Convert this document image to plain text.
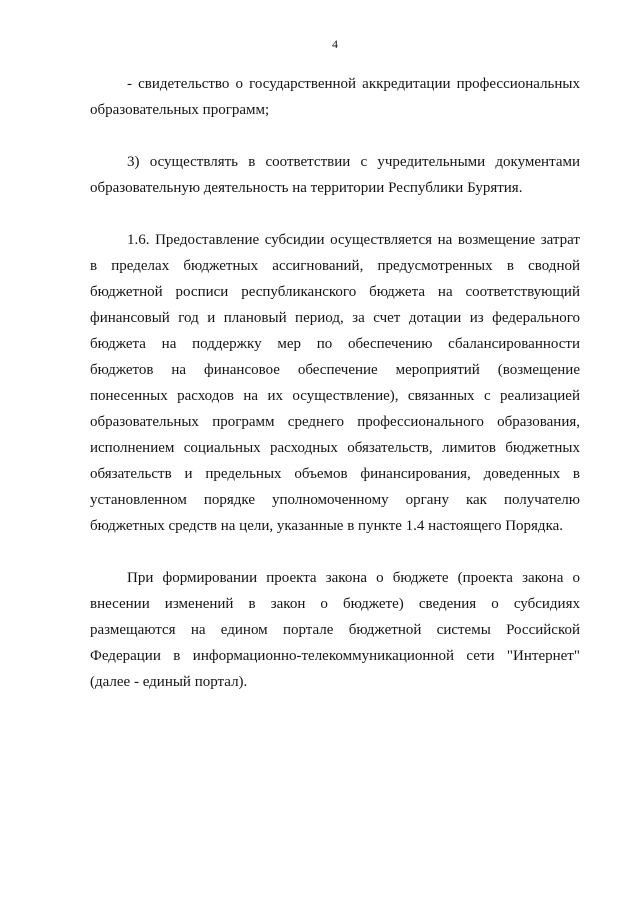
4
- свидетельство о государственной аккредитации профессиональных
образовательных программ;
3) осуществлять в соответствии с учредительными документами
образовательную деятельность на территории Республики Бурятия.
1.6. Предоставление субсидии осуществляется на возмещение затрат
в пределах бюджетных ассигнований, предусмотренных в сводной
бюджетной росписи республиканского бюджета на соответствующий
финансовый год и плановый период, за счет дотации из федерального
бюджета на поддержку мер по обеспечению сбалансированности
бюджетов на финансовое обеспечение мероприятий (возмещение
понесенных расходов на их осуществление), связанных с реализацией
образовательных программ среднего профессионального образования,
исполнением социальных расходных обязательств, лимитов бюджетных
обязательств и предельных объемов финансирования, доведенных в
установленном порядке уполномоченному органу как получателю
бюджетных средств на цели, указанные в пункте 1.4 настоящего Порядка.
При формировании проекта закона о бюджете (проекта закона о
внесении изменений в закон о бюджете) сведения о субсидиях
размещаются на едином портале бюджетной системы Российской
Федерации в информационно-телекоммуникационной сети "Интернет"
(далее - единый портал).
